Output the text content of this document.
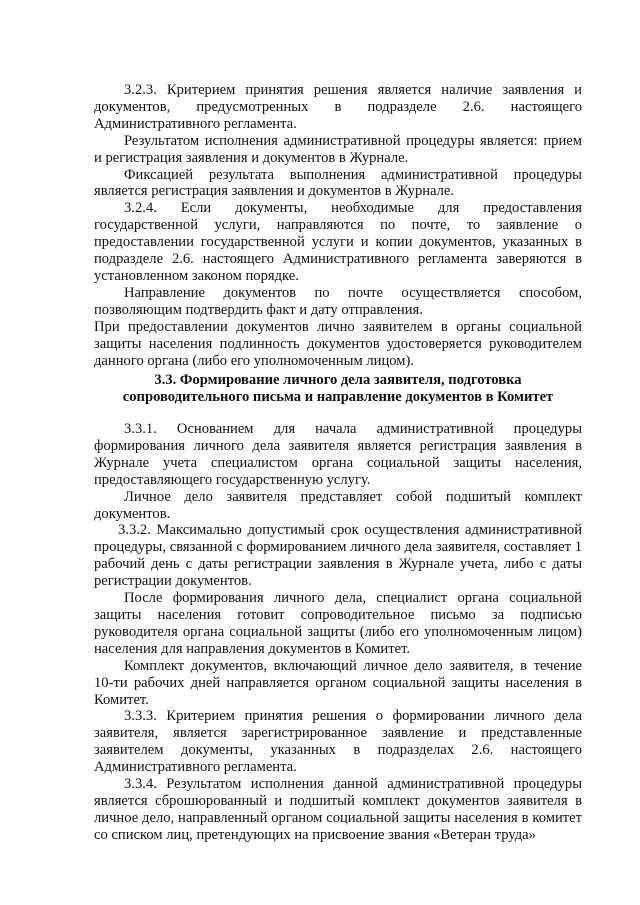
3.2.3. Критерием принятия решения является наличие заявления и документов, предусмотренных в подразделе 2.6. настоящего Административного регламента.

Результатом исполнения административной процедуры является: прием и регистрация заявления и документов в Журнале.

Фиксацией результата выполнения административной процедуры является регистрация заявления и документов в Журнале.

3.2.4. Если документы, необходимые для предоставления государственной услуги, направляются по почте, то заявление о предоставлении государственной услуги и копии документов, указанных в подразделе 2.6. настоящего Административного регламента заверяются в установленном законом порядке.

Направление документов по почте осуществляется способом, позволяющим подтвердить факт и дату отправления.

При предоставлении документов лично заявителем в органы социальной защиты населения подлинность документов удостоверяется руководителем данного органа (либо его уполномоченным лицом).

3.3. Формирование личного дела заявителя, подготовка сопроводительного письма и направление документов в Комитет

3.3.1. Основанием для начала административной процедуры формирования личного дела заявителя является регистрация заявления в Журнале учета специалистом органа социальной защиты населения, предоставляющего государственную услугу.

Личное дело заявителя представляет собой подшитый комплект документов.

3.3.2. Максимально допустимый срок осуществления административной процедуры, связанной с формированием личного дела заявителя, составляет 1 рабочий день с даты регистрации заявления в Журнале учета, либо с даты регистрации документов.

После формирования личного дела, специалист органа социальной защиты населения готовит сопроводительное письмо за подписью руководителя органа социальной защиты (либо его уполномоченным лицом) населения для направления документов в Комитет.

Комплект документов, включающий личное дело заявителя, в течение 10-ти рабочих дней направляется органом социальной защиты населения в Комитет.

3.3.3. Критерием принятия решения о формировании личного дела заявителя, является зарегистрированное заявление и представленные заявителем документы, указанных в подразделах 2.6. настоящего Административного регламента.

3.3.4. Результатом исполнения данной административной процедуры является сброшюрованный и подшитый комплект документов заявителя в личное дело, направленный органом социальной защиты населения в комитет со списком лиц, претендующих на присвоение звания «Ветеран труда»
